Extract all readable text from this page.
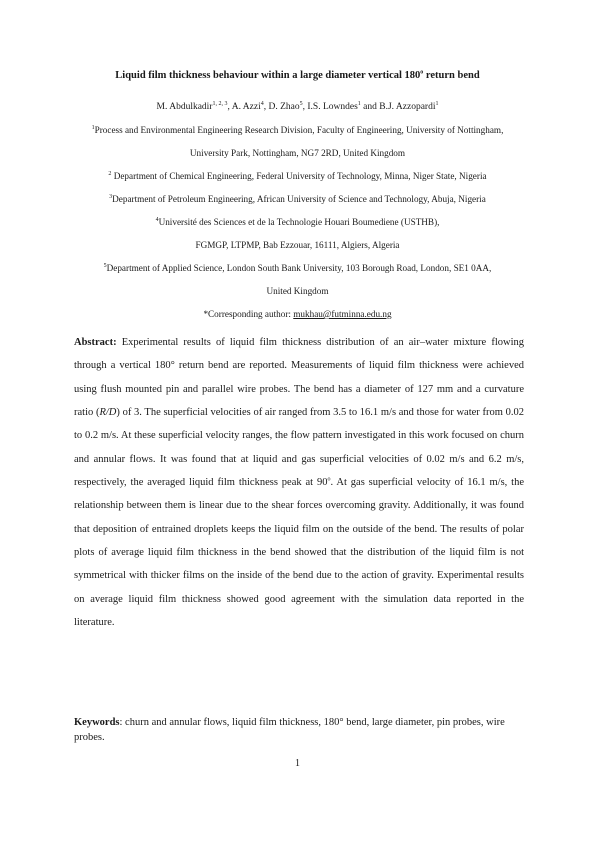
Liquid film thickness behaviour within a large diameter vertical 180$^o$ return bend
M. Abdulkadir$^{1, 2, 3}$, A. Azzi$^4$, D. Zhao$^5$, I.S. Lowndes$^1$ and B.J. Azzopardi$^1$
$^1$Process and Environmental Engineering Research Division, Faculty of Engineering, University of Nottingham,
University Park, Nottingham, NG7 2RD, United Kingdom
$^2$ Department of Chemical Engineering, Federal University of Technology, Minna, Niger State, Nigeria
$^3$Department of Petroleum Engineering, African University of Science and Technology, Abuja, Nigeria
$^4$Université des Sciences et de la Technologie Houari Boumediene (USTHB),
FGMGP, LTPMP, Bab Ezzouar, 16111, Algiers, Algeria
$^5$Department of Applied Science, London South Bank University, 103 Borough Road, London, SE1 0AA,
United Kingdom
*Corresponding author: mukhau@futminna.edu.ng
Abstract: Experimental results of liquid film thickness distribution of an air–water mixture flowing through a vertical 180° return bend are reported. Measurements of liquid film thickness were achieved using flush mounted pin and parallel wire probes. The bend has a diameter of 127 mm and a curvature ratio (R/D) of 3. The superficial velocities of air ranged from 3.5 to 16.1 m/s and those for water from 0.02 to 0.2 m/s. At these superficial velocity ranges, the flow pattern investigated in this work focused on churn and annular flows. It was found that at liquid and gas superficial velocities of 0.02 m/s and 6.2 m/s, respectively, the averaged liquid film thickness peak at 90$^o$. At gas superficial velocity of 16.1 m/s, the relationship between them is linear due to the shear forces overcoming gravity. Additionally, it was found that deposition of entrained droplets keeps the liquid film on the outside of the bend. The results of polar plots of average liquid film thickness in the bend showed that the distribution of the liquid film is not symmetrical with thicker films on the inside of the bend due to the action of gravity. Experimental results on average liquid film thickness showed good agreement with the simulation data reported in the literature.
Keywords: churn and annular flows, liquid film thickness, 180° bend, large diameter, pin probes, wire probes.
1
